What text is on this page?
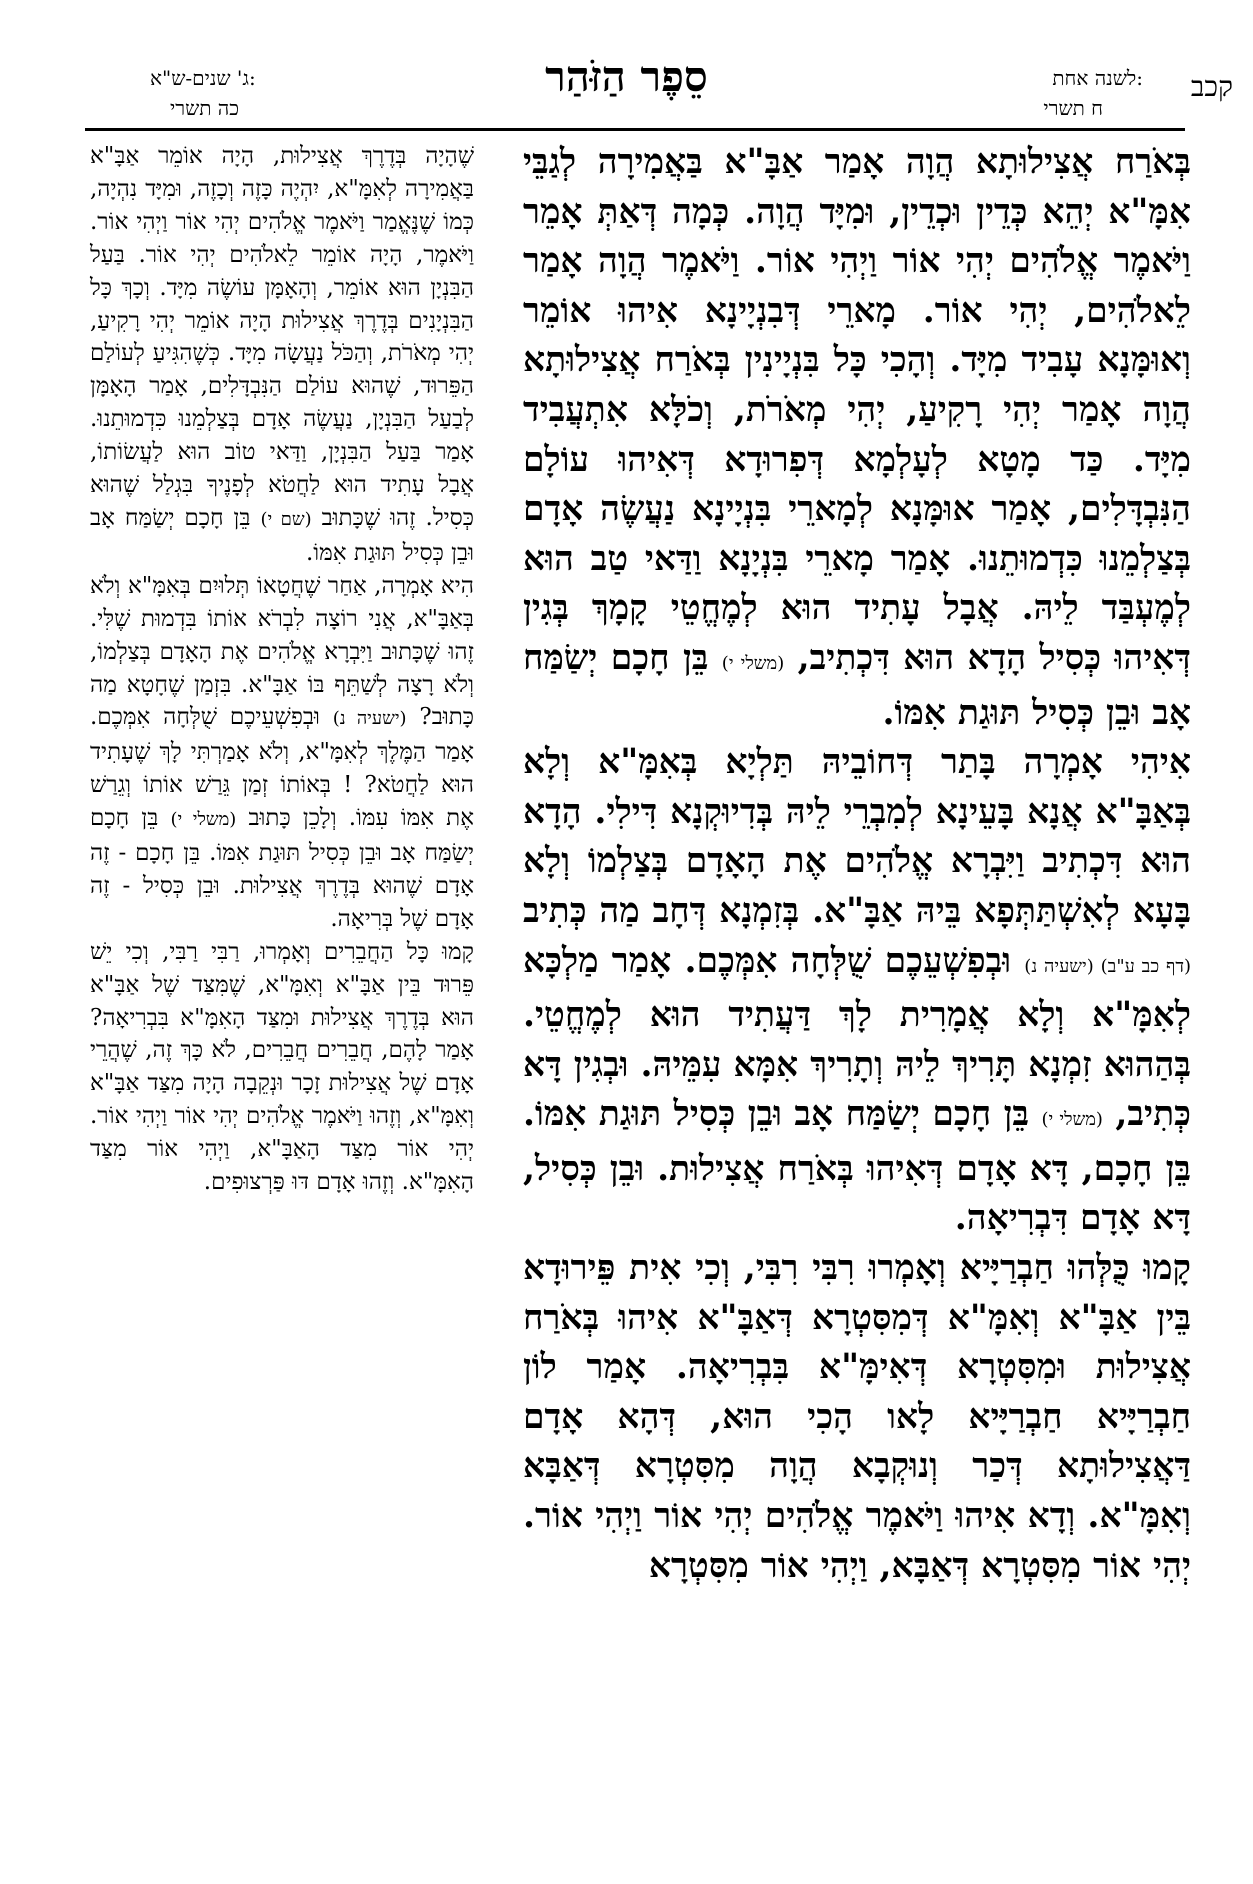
קכב
לשנה אחת:
ח תשרי
סֵפֶר הַזֹּהַר
ג' שנים-ש"א:
כה תשרי

בְּאֹרַח אֲצִילוּתָא הֲוָה אָמַר אַבָּ"א בַּאֲמִירָה לְגַבֵּי אִמָּ"א יְהֵא כְּדֵין וּכְדֵין, וּמִיָּד הֲוָה. כְּמָה דְּאַתְּ אָמֵר וַיֹּאמֶר אֱלֹהִים יְהִי אוֹר וַיְהִי אוֹר. וַיֹּאמֶר הֲוָה אָמַר לֵאלֹהִים, יְהִי אוֹר. מָארֵי דְּבִנְיָינָא אִיהוּ אוֹמֵר וְאוּמָּנָא עָבִיד מִיָּד. וְהָכִי כָּל בִּנְיָינִין בְּאֹרַח אֲצִילוּתָא הֲוָה אָמַר יְהִי רָקִיעַ, יְהִי מְאֹרֹת, וְכֹלָּא אִתְעֲבִיד מִיָּד. כַּד מָטָא לְעָלְמָא דְּפִרוּדָא דְּאִיהוּ עוֹלָם הַנִּבְדָּלִים, אָמַר אוּמָּנָא לְמָארֵי בִּנְיָינָא נַעֲשֶׂה אָדָם בְּצַלְמֵנוּ כִּדְמוּתֵנוּ. אָמַר מָארֵי בִּנְיָנָא וַדַּאי טַב הוּא לְמֶעְבַּד לֵיהּ. אֲבָל עָתִיד הוּא לְמֶחֱטֵי קָמָךְ בְּגִין דְּאִיהוּ כְּסִיל הָדָא הוּא דִּכְתִיב, (משלי י) בֵּן חָכָם יְשַׂמַּח אָב וּבֵן כְּסִיל תּוּגַת אִמּוֹ.

אִיהִי אָמְרָה בָּתַר דְּחוֹבֵיהּ תַּלְיָא בְּאִמָּ"א וְלָא בְּאַבָּ"א אֲנָא בָּעֵינָא לְמִבְרֵי לֵיהּ בְּדִיוּקְנָא דִּילִי. הָדָא הוּא דִּכְתִיב וַיִּבְרָא אֱלֹהִים אֶת הָאָדָם בְּצַלְמוֹ וְלָא בָּעָא לְאִשְׁתַּתְּפָא בֵּיהּ אַבָּ"א. בְּזִמְנָא דְּחָב מַה כְּתִיב (דף כב ע"ב) (ישעיה נ) וּבְפִשְׁעֵכֶם שֻׁלְּחָה אִמְּכֶם. אָמַר מַלְכָּא לְאִמָּ"א וְלָא אֲמָרִית לָךְ דַּעֲתִיד הוּא לְמֶחֱטֵי. בְּהַהוּא זִמְנָא תָּרִיךְ לֵיהּ וְתָרִיךְ אִמָּא עִמֵּיהּ. וּבְגִין דָּא כְּתִיב, (משלי י) בֵּן חָכָם יְשַׂמַּח אָב וּבֵן כְּסִיל תּוּגַת אִמּוֹ. בֵּן חָכָם, דָּא אָדָם דְּאִיהוּ בְּאֹרַח אֲצִילוּת. וּבֵן כְּסִיל, דָּא אָדָם דִּבְרִיאָה.

קָמוּ כֻּלְּהוּ חַבְרַיָּיא וְאָמְרוּ רִבִּי רִבִּי, וְכִי אִית פֵּירוּדָא בֵּין אַבָּ"א וְאִמָּ"א דְּמִסִּטְרָא דְּאַבָּ"א אִיהוּ בְּאֹרַח אֲצִילוּת וּמִסִּטְרָא דְּאִימָּ"א בִּבְרִיאָה. אָמַר לוֹן חַבְרַיָּיא חַבְרַיָּיא לָאו הָכִי הוּא, דְּהָא אָדָם דַּאֲצִילוּתָא דְּכַר וְנוּקְבָא הֲוָה מִסִּטְרָא דְּאַבָּא וְאִמָּ"א. וְדָא אִיהוּ וַיֹּאמֶר אֱלֹהִים יְהִי אוֹר וַיְהִי אוֹר. יְהִי אוֹר מִסִּטְרָא דְּאַבָּא, וַיְהִי אוֹר מִסִּטְרָא

שֶׁהָיָה בְּדֶרֶךְ אֲצִילוּת, הָיָה אוֹמֵר אַבָּ"א בַּאֲמִירָה לְאִמָּ"א, יִהְיֶה כָּזֶה וְכָזֶה, וּמִיָּד נִהְיָה, כְּמוֹ שֶׁנֶּאֱמַר וַיֹּאמֶר אֱלֹהִים יְהִי אוֹר וַיְהִי אוֹר. וַיֹּאמֶר, הָיָה אוֹמֵר לֵאלֹהִים יְהִי אוֹר. בַּעַל הַבִּנְיָן הוּא אוֹמֵר, וְהָאָמָּן עוֹשֶׂה מִיָּד. וְכָךְ כָּל הַבִּנְיָנִים בְּדֶרֶךְ אֲצִילוּת הָיָה אוֹמֵר יְהִי רָקִיעַ, יְהִי מְאֹרֹת, וְהַכֹּל נַעֲשָׂה מִיָּד. כְּשֶׁהִגִּיעַ לְעוֹלַם הַפֵּרוּד, שֶׁהוּא עוֹלַם הַנִּבְדָּלִים, אָמַר הָאָמָּן לְבַעַל הַבִּנְיָן, נַעֲשֶׂה אָדָם בְּצַלְמֵנוּ כִּדְמוּתֵנוּ. אָמַר בַּעַל הַבִּנְיָן, וַדַּאי טוֹב הוּא לַעֲשׂוֹתוֹ, אֲבָל עָתִיד הוּא לַחֲטֹא לְפָנֶיךָ בִּגְלַל שֶׁהוּא כְּסִיל. זֶהוּ שֶׁכָּתוּב (שם י) בֵּן חָכָם יְשַׂמַּח אָב וּבֵן כְּסִיל תּוּגַת אִמּוֹ.

הִיא אָמְרָה, אַחַר שֶׁחֲטָאוֹ תְּלוּיִם בְּאִמָּ"א וְלֹא בְּאַבָּ"א, אֲנִי רוֹצָה לִבְרֹא אוֹתוֹ בִּדְמוּת שֶׁלִּי. זֶהוּ שֶׁכָּתוּב וַיִּבְרָא אֱלֹהִים אֶת הָאָדָם בְּצַלְמוֹ, וְלֹא רָצָה לְשַׁתֵּף בּוֹ אַבָּ"א. בִּזְמַן שֶׁחָטָא מַה כָּתוּב? (ישעיה נ) וּבְפִשְׁעֵיכֶם שֻׁלְּחָה אִמְּכֶם. אָמַר הַמֶּלֶךְ לְאִמָּ"א, וְלֹא אָמַרְתִּי לָךְ שֶׁעָתִיד הוּא לַחֲטֹא? ! בְּאוֹתוֹ זְמַן גֵּרַשׁ אוֹתוֹ וְגֵרַשׁ אֶת אִמּוֹ עִמּוֹ. וְלָכֵן כָּתוּב (משלי י) בֵּן חָכָם יְשַׂמַּח אָב וּבֵן כְּסִיל תּוּגַת אִמּוֹ. בֵּן חָכָם - זֶה אָדָם שֶׁהוּא בְּדֶרֶךְ אֲצִילוּת. וּבֵן כְּסִיל - זֶה אָדָם שֶׁל בְּרִיאָה.

קָמוּ כָּל הַחֲבֵרִים וְאָמְרוּ, רַבִּי רַבִּי, וְכִי יֵשׁ פֵּרוּד בֵּין אַבָּ"א וְאִמָּ"א, שֶׁמִּצַּד שֶׁל אַבָּ"א הוּא בְּדֶרֶךְ אֲצִילוּת וּמִצַּד הָאִמָּ"א בִּבְרִיאָה? אָמַר לָהֶם, חֲבֵרִים חֲבֵרִים, לֹא כָּךְ זֶה, שֶׁהֲרֵי אָדָם שֶׁל אֲצִילוּת זָכָר וּנְקֵבָה הָיָה מִצַּד אַבָּ"א וְאִמָּ"א, וְזֶהוּ וַיֹּאמֶר אֱלֹהִים יְהִי אוֹר וַיְהִי אוֹר. יְהִי אוֹר מִצַּד הָאַבָּ"א, וַיְהִי אוֹר מִצַּד הָאִמָּ"א. וְזֶהוּ אָדָם דּוּ פַּרְצוּפִים.
